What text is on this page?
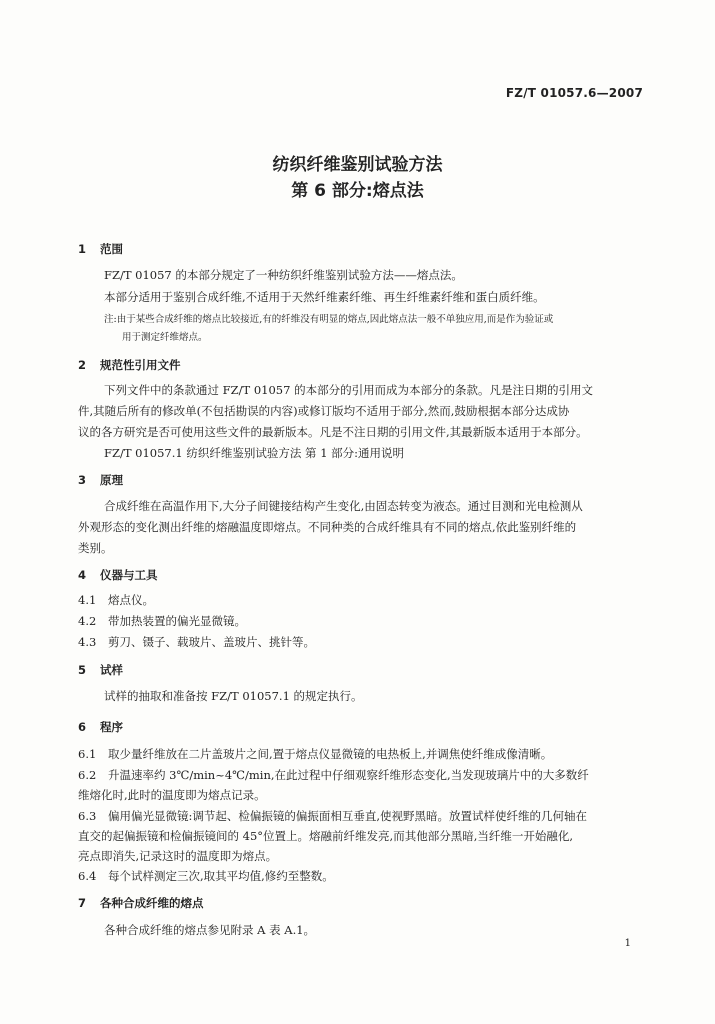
FZ/T 01057.6—2007
纺织纤维鉴别试验方法
第 6 部分:熔点法
1 范围
FZ/T 01057 的本部分规定了一种纺织纤维鉴别试验方法——熔点法。
本部分适用于鉴别合成纤维,不适用于天然纤维素纤维、再生纤维素纤维和蛋白质纤维。
注:由于某些合成纤维的熔点比较接近,有的纤维没有明显的熔点,因此熔点法一般不单独应用,而是作为验证或
用于测定纤维熔点。
2 规范性引用文件
下列文件中的条款通过 FZ/T 01057 的本部分的引用而成为本部分的条款。凡是注日期的引用文
件,其随后所有的修改单(不包括勘误的内容)或修订版均不适用于部分,然而,鼓励根据本部分达成协
议的各方研究是否可使用这些文件的最新版本。凡是不注日期的引用文件,其最新版本适用于本部分。
FZ/T 01057.1 纺织纤维鉴别试验方法 第 1 部分:通用说明
3 原理
合成纤维在高温作用下,大分子间键接结构产生变化,由固态转变为液态。通过目测和光电检测从
外观形态的变化测出纤维的熔融温度即熔点。不同种类的合成纤维具有不同的熔点,依此鉴别纤维的
类别。
4 仪器与工具
4.1 熔点仪。
4.2 带加热装置的偏光显微镜。
4.3 剪刀、镊子、载玻片、盖玻片、挑针等。
5 试样
试样的抽取和准备按 FZ/T 01057.1 的规定执行。
6 程序
6.1 取少量纤维放在二片盖玻片之间,置于熔点仪显微镜的电热板上,并调焦使纤维成像清晰。
6.2 升温速率约 3℃/min~4℃/min,在此过程中仔细观察纤维形态变化,当发现玻璃片中的大多数纤
维熔化时,此时的温度即为熔点记录。
6.3 偏用偏光显微镜:调节起、检偏振镜的偏振面相互垂直,使视野黑暗。放置试样使纤维的几何轴在
直交的起偏振镜和检偏振镜间的 45°位置上。熔融前纤维发亮,而其他部分黑暗,当纤维一开始融化,
亮点即消失,记录这时的温度即为熔点。
6.4 每个试样测定三次,取其平均值,修约至整数。
7 各种合成纤维的熔点
各种合成纤维的熔点参见附录 A 表 A.1。
1
